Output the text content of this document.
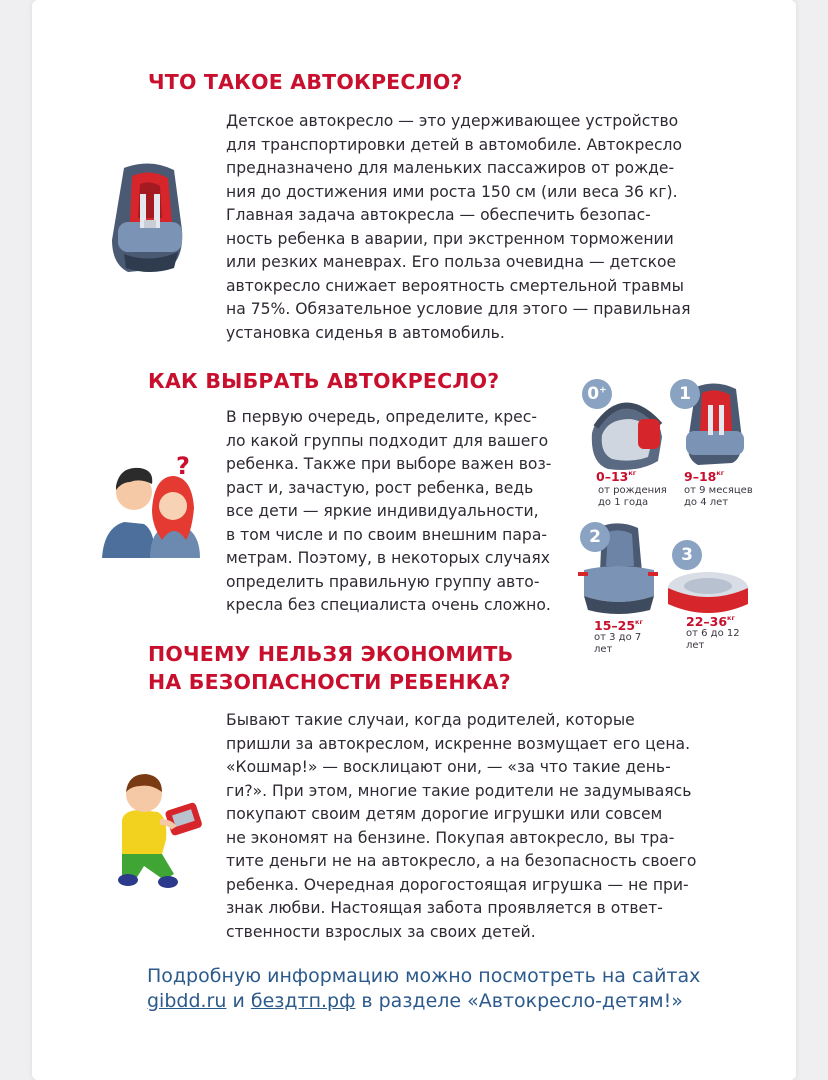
ЧТО ТАКОЕ АВТОКРЕСЛО?

Детское автокресло — это удерживающее устройство
для транспортировки детей в автомобиле. Автокресло
предназначено для маленьких пассажиров от рожде-
ния до достижения ими роста 150 см (или веса 36 кг).
Главная задача автокресла — обеспечить безопас-
ность ребенка в аварии, при экстренном торможении
или резких маневрах. Его польза очевидна — детское
автокресло снижает вероятность смертельной травмы
на 75%. Обязательное условие для этого — правильная
установка сиденья в автомобиль.

КАК ВЫБРАТЬ АВТОКРЕСЛО?
?

В первую очередь, определите, крес-
ло какой группы подходит для вашего
ребенка. Также при выборе важен воз-
раст и, зачастую, рост ребенка, ведь
все дети — яркие индивидуальности,
в том числе и по своим внешним пара-
метрам. Поэтому, в некоторых случаях
определить правильную группу авто-
кресла без специалиста очень сложно.

0+
$0-13^{кг}$
от рождения
до 1 года
1
$9-18^{кг}$
от 9 месяцев
до 4 лет
2
$15-25^{кг}$
от 3 до 7
лет
3
$22-36^{кг}$
от 6 до 12
лет
ПОЧЕМУ НЕЛЬЗЯ ЭКОНОМИТЬ
НА БЕЗОПАСНОСТИ РЕБЕНКА?

Бывают такие случаи, когда родителей, которые
пришли за автокреслом, искренне возмущает его цена.
«Кошмар!» — восклицают они, — «за что такие день-
ги?». При этом, многие такие родители не задумываясь
покупают своим детям дорогие игрушки или совсем
не экономят на бензине. Покупая автокресло, вы тра-
тите деньги не на автокресло, а на безопасность своего
ребенка. Очередная дорогостоящая игрушка — не при-
знак любви. Настоящая забота проявляется в ответ-
ственности взрослых за своих детей.

Подробную информацию можно посмотреть на сайтах
gibdd.ru и бездтп.рф в разделе «Автокресло-детям!»
